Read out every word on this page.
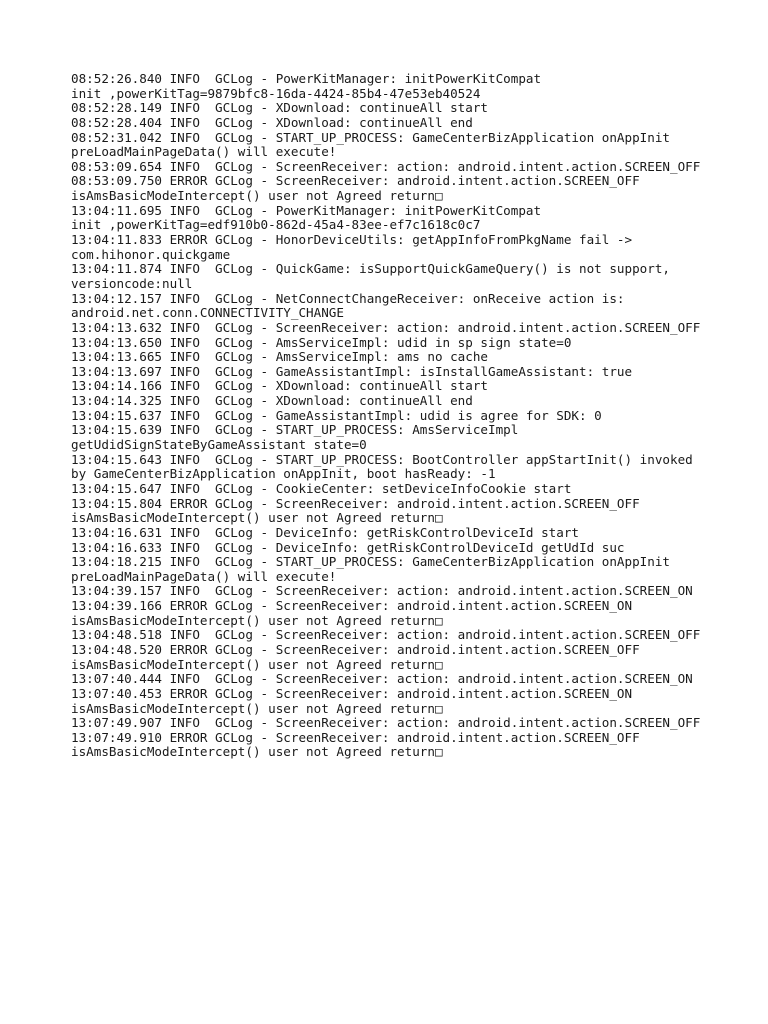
08:52:26.840 INFO  GCLog - PowerKitManager: initPowerKitCompat
init ,powerKitTag=9879bfc8-16da-4424-85b4-47e53eb40524
08:52:28.149 INFO  GCLog - XDownload: continueAll start
08:52:28.404 INFO  GCLog - XDownload: continueAll end
08:52:31.042 INFO  GCLog - START_UP_PROCESS: GameCenterBizApplication onAppInit
preLoadMainPageData() will execute!
08:53:09.654 INFO  GCLog - ScreenReceiver: action: android.intent.action.SCREEN_OFF
08:53:09.750 ERROR GCLog - ScreenReceiver: android.intent.action.SCREEN_OFF
isAmsBasicModeIntercept() user not Agreed return□
13:04:11.695 INFO  GCLog - PowerKitManager: initPowerKitCompat
init ,powerKitTag=edf910b0-862d-45a4-83ee-ef7c1618c0c7
13:04:11.833 ERROR GCLog - HonorDeviceUtils: getAppInfoFromPkgName fail ->
com.hihonor.quickgame
13:04:11.874 INFO  GCLog - QuickGame: isSupportQuickGameQuery() is not support,
versioncode:null
13:04:12.157 INFO  GCLog - NetConnectChangeReceiver: onReceive action is:
android.net.conn.CONNECTIVITY_CHANGE
13:04:13.632 INFO  GCLog - ScreenReceiver: action: android.intent.action.SCREEN_OFF
13:04:13.650 INFO  GCLog - AmsServiceImpl: udid in sp sign state=0
13:04:13.665 INFO  GCLog - AmsServiceImpl: ams no cache
13:04:13.697 INFO  GCLog - GameAssistantImpl: isInstallGameAssistant: true
13:04:14.166 INFO  GCLog - XDownload: continueAll start
13:04:14.325 INFO  GCLog - XDownload: continueAll end
13:04:15.637 INFO  GCLog - GameAssistantImpl: udid is agree for SDK: 0
13:04:15.639 INFO  GCLog - START_UP_PROCESS: AmsServiceImpl
getUdidSignStateByGameAssistant state=0
13:04:15.643 INFO  GCLog - START_UP_PROCESS: BootController appStartInit() invoked
by GameCenterBizApplication onAppInit, boot hasReady: -1
13:04:15.647 INFO  GCLog - CookieCenter: setDeviceInfoCookie start
13:04:15.804 ERROR GCLog - ScreenReceiver: android.intent.action.SCREEN_OFF
isAmsBasicModeIntercept() user not Agreed return□
13:04:16.631 INFO  GCLog - DeviceInfo: getRiskControlDeviceId start
13:04:16.633 INFO  GCLog - DeviceInfo: getRiskControlDeviceId getUdId suc
13:04:18.215 INFO  GCLog - START_UP_PROCESS: GameCenterBizApplication onAppInit
preLoadMainPageData() will execute!
13:04:39.157 INFO  GCLog - ScreenReceiver: action: android.intent.action.SCREEN_ON
13:04:39.166 ERROR GCLog - ScreenReceiver: android.intent.action.SCREEN_ON
isAmsBasicModeIntercept() user not Agreed return□
13:04:48.518 INFO  GCLog - ScreenReceiver: action: android.intent.action.SCREEN_OFF
13:04:48.520 ERROR GCLog - ScreenReceiver: android.intent.action.SCREEN_OFF
isAmsBasicModeIntercept() user not Agreed return□
13:07:40.444 INFO  GCLog - ScreenReceiver: action: android.intent.action.SCREEN_ON
13:07:40.453 ERROR GCLog - ScreenReceiver: android.intent.action.SCREEN_ON
isAmsBasicModeIntercept() user not Agreed return□
13:07:49.907 INFO  GCLog - ScreenReceiver: action: android.intent.action.SCREEN_OFF
13:07:49.910 ERROR GCLog - ScreenReceiver: android.intent.action.SCREEN_OFF
isAmsBasicModeIntercept() user not Agreed return□
